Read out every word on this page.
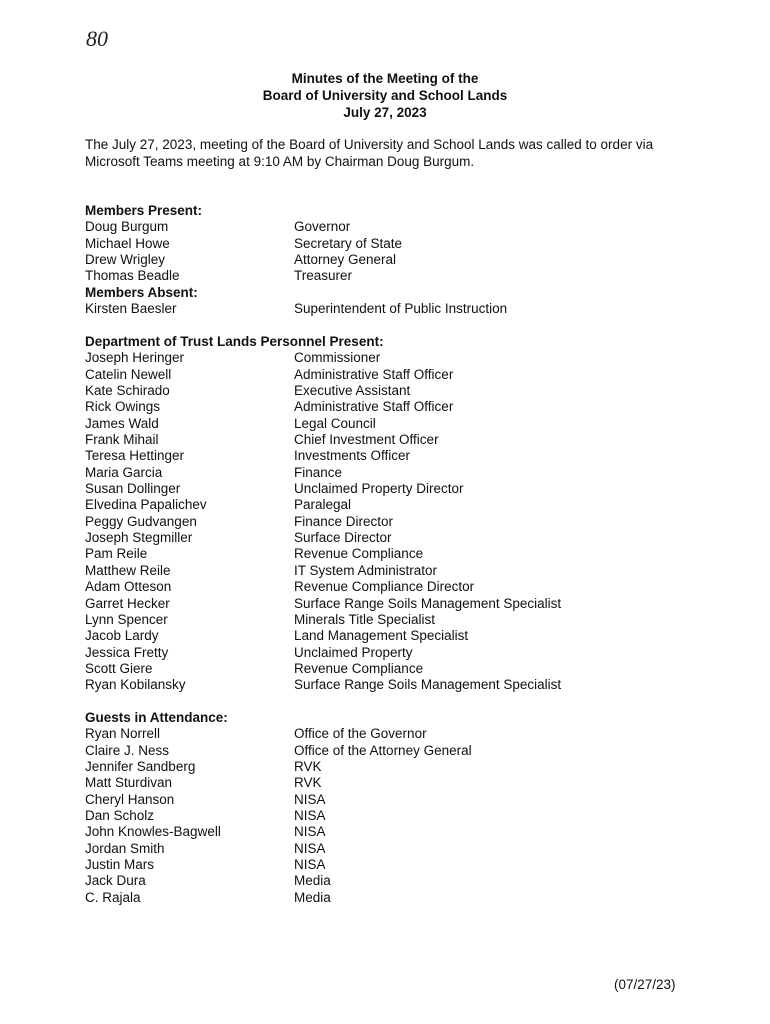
80
Minutes of the Meeting of the
Board of University and School Lands
July 27, 2023
The July 27, 2023, meeting of the Board of University and School Lands was called to order via Microsoft Teams meeting at 9:10 AM by Chairman Doug Burgum.
Members Present:
Doug Burgum	Governor
Michael Howe	Secretary of State
Drew Wrigley	Attorney General
Thomas Beadle	Treasurer
Members Absent:
Kirsten Baesler	Superintendent of Public Instruction
Department of Trust Lands Personnel Present:
Joseph Heringer	Commissioner
Catelin Newell	Administrative Staff Officer
Kate Schirado	Executive Assistant
Rick Owings	Administrative Staff Officer
James Wald	Legal Council
Frank Mihail	Chief Investment Officer
Teresa Hettinger	Investments Officer
Maria Garcia	Finance
Susan Dollinger	Unclaimed Property Director
Elvedina Papalichev	Paralegal
Peggy Gudvangen	Finance Director
Joseph Stegmiller	Surface Director
Pam Reile	Revenue Compliance
Matthew Reile	IT System Administrator
Adam Otteson	Revenue Compliance Director
Garret Hecker	Surface Range Soils Management Specialist
Lynn Spencer	Minerals Title Specialist
Jacob Lardy	Land Management Specialist
Jessica Fretty	Unclaimed Property
Scott Giere	Revenue Compliance
Ryan Kobilansky	Surface Range Soils Management Specialist
Guests in Attendance:
Ryan Norrell	Office of the Governor
Claire J. Ness	Office of the Attorney General
Jennifer Sandberg	RVK
Matt Sturdivan	RVK
Cheryl Hanson	NISA
Dan Scholz	NISA
John Knowles-Bagwell	NISA
Jordan Smith	NISA
Justin Mars	NISA
Jack Dura	Media
C. Rajala	Media
(07/27/23)
